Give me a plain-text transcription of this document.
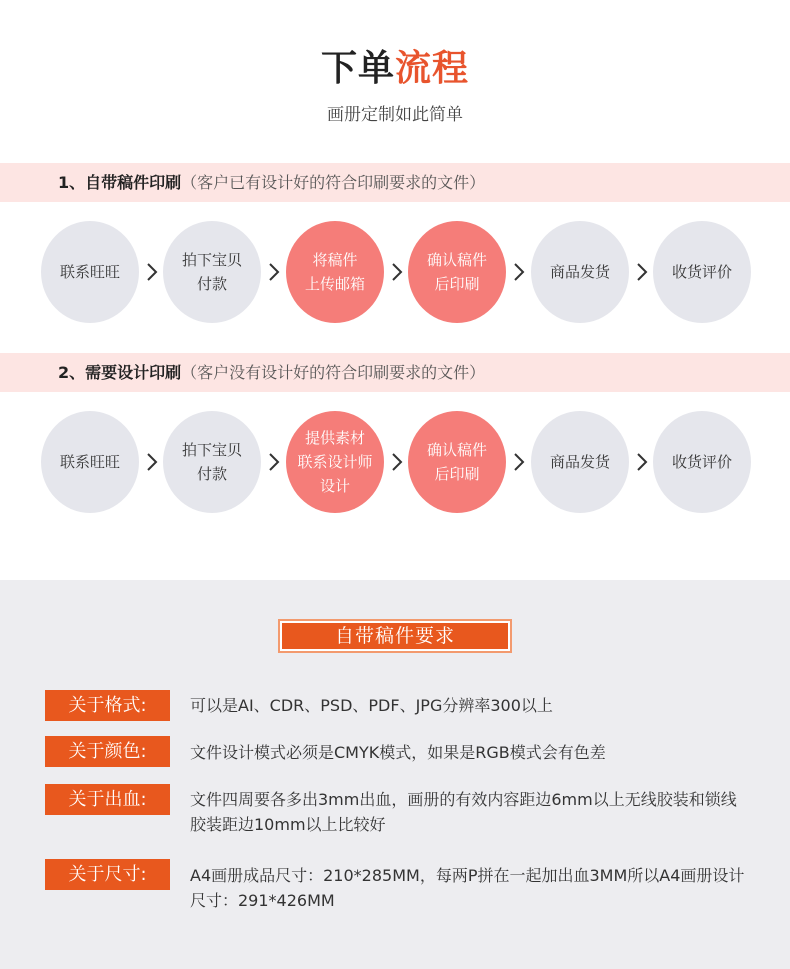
下单流程
画册定制如此简单
1、自带稿件印刷（客户已有设计好的符合印刷要求的文件）
联系旺旺
拍下宝贝
付款
将稿件
上传邮箱
确认稿件
后印刷
商品发货	收货评价
2、需要设计印刷（客户没有设计好的符合印刷要求的文件）
联系旺旺
拍下宝贝
付款
提供素材
联系设计师
设计
确认稿件
后印刷
商品发货	收货评价
自带稿件要求
关于格式:	可以是AI、CDR、PSD、PDF、JPG分辨率300以上
关于颜色:	文件设计模式必须是CMYK模式，如果是RGB模式会有色差
关于出血:	文件四周要各多出3mm出血，画册的有效内容距边6mm以上无线胶装和锁线胶装距边10mm以上比较好
关于尺寸:	A4画册成品尺寸：210*285MM，每两P拼在一起加出血3MM所以A4画册设计尺寸：291*426MM
